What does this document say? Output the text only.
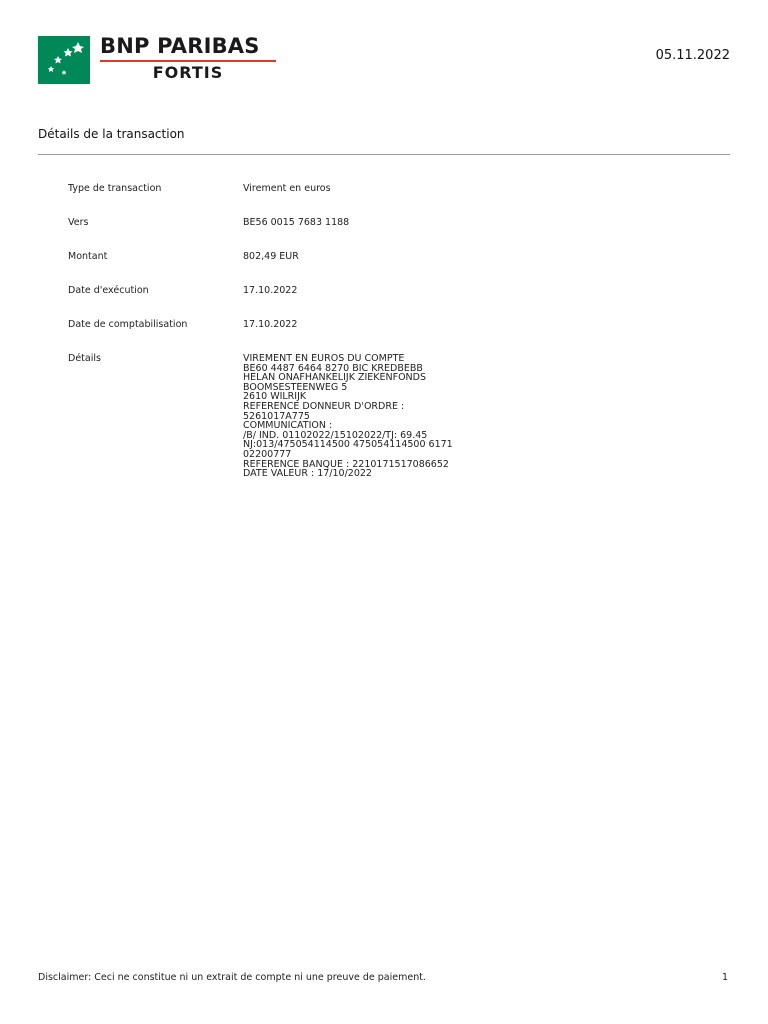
BNP PARIBAS
FORTIS
05.11.2022
Détails de la transaction
Type de transaction	Virement en euros
Vers	BE56 0015 7683 1188
Montant	802,49 EUR
Date d'exécution	17.10.2022
Date de comptabilisation	17.10.2022
Détails	VIREMENT EN EUROS DU COMPTE
BE60 4487 6464 8270 BIC KREDBEBB
HELAN ONAFHANKELIJK ZIEKENFONDS
BOOMSESTEENWEG 5
2610 WILRIJK
REFERENCE DONNEUR D'ORDRE :
5261017A775
COMMUNICATION :
/B/ IND. 01102022/15102022/TJ: 69.45
NJ:013/475054114500 475054114500 6171
02200777
REFERENCE BANQUE : 2210171517086652
DATE VALEUR : 17/10/2022
Disclaimer: Ceci ne constitue ni un extrait de compte ni une preuve de paiement.	1
